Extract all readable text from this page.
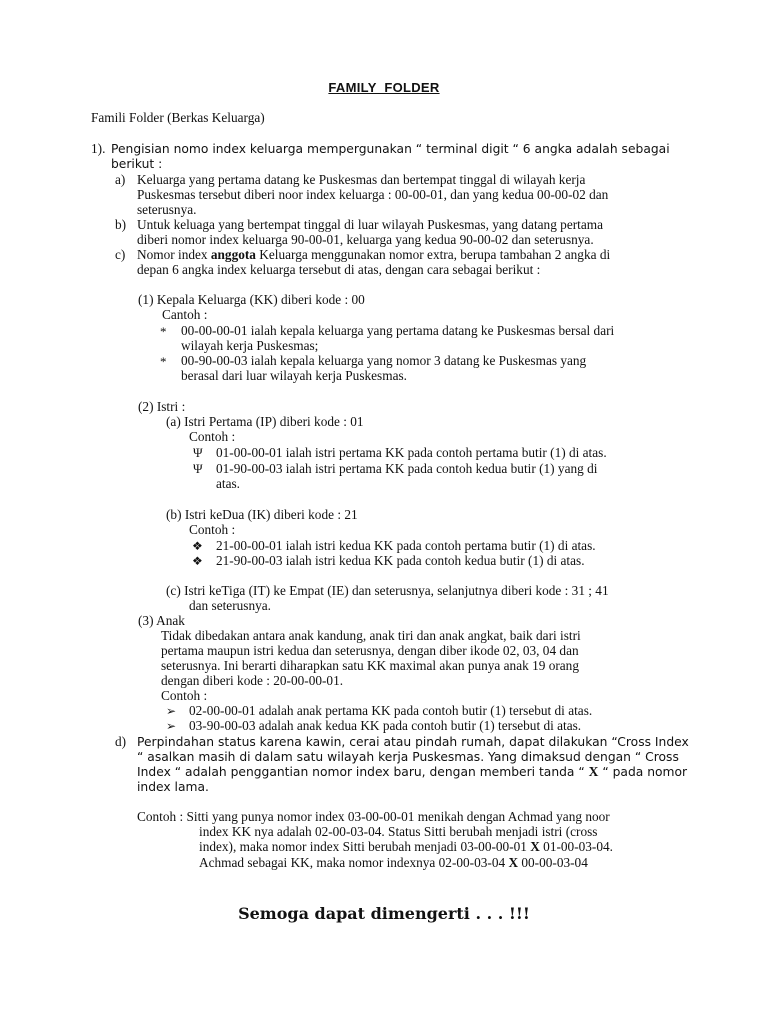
FAMILY FOLDER
Famili Folder (Berkas Keluarga)
1). Pengisian nomo index keluarga mempergunakan “ terminal digit “ 6 angka adalah sebagai
berikut :
a) Keluarga yang pertama datang ke Puskesmas dan bertempat tinggal di wilayah kerja
Puskesmas tersebut diberi noor index keluarga : 00-00-01, dan yang kedua 00-00-02 dan
seterusnya.
b) Untuk keluaga yang bertempat tinggal di luar wilayah Puskesmas, yang datang pertama
diberi nomor index keluarga 90-00-01, keluarga yang kedua 90-00-02 dan seterusnya.
c) Nomor index anggota Keluarga menggunakan nomor extra, berupa tambahan 2 angka di
depan 6 angka index keluarga tersebut di atas, dengan cara sebagai berikut :
(1) Kepala Keluarga (KK) diberi kode : 00
Cantoh :
* 00-00-00-01 ialah kepala keluarga yang pertama datang ke Puskesmas bersal dari
wilayah kerja Puskesmas;
* 00-90-00-03 ialah kepala keluarga yang nomor 3 datang ke Puskesmas yang
berasal dari luar wilayah kerja Puskesmas.
(2) Istri :
(a) Istri Pertama (IP) diberi kode : 01
Contoh :
Ψ 01-00-00-01 ialah istri pertama KK pada contoh pertama butir (1) di atas.
Ψ 01-90-00-03 ialah istri pertama KK pada contoh kedua butir (1) yang di
atas.
(b) Istri keDua (IK) diberi kode : 21
Contoh :
❖ 21-00-00-01 ialah istri kedua KK pada contoh pertama butir (1) di atas.
❖ 21-90-00-03 ialah istri kedua KK pada contoh kedua butir (1) di atas.
(c) Istri keTiga (IT) ke Empat (IE) dan seterusnya, selanjutnya diberi kode : 31 ; 41
dan seterusnya.
(3) Anak
Tidak dibedakan antara anak kandung, anak tiri dan anak angkat, baik dari istri
pertama maupun istri kedua dan seterusnya, dengan diber ikode 02, 03, 04 dan
seterusnya. Ini berarti diharapkan satu KK maximal akan punya anak 19 orang
dengan diberi kode : 20-00-00-01.
Contoh :
➢ 02-00-00-01 adalah anak pertama KK pada contoh butir (1) tersebut di atas.
➢ 03-90-00-03 adalah anak kedua KK pada contoh butir (1) tersebut di atas.
d) Perpindahan status karena kawin, cerai atau pindah rumah, dapat dilakukan “Cross Index
“ asalkan masih di dalam satu wilayah kerja Puskesmas. Yang dimaksud dengan “ Cross
Index “ adalah penggantian nomor index baru, dengan memberi tanda “ X “ pada nomor
index lama.
Contoh : Sitti yang punya nomor index 03-00-00-01 menikah dengan Achmad yang noor
index KK nya adalah 02-00-03-04. Status Sitti berubah menjadi istri (cross
index), maka nomor index Sitti berubah menjadi 03-00-00-01 X 01-00-03-04.
Achmad sebagai KK, maka nomor indexnya 02-00-03-04 X 00-00-03-04
Semoga dapat dimengerti . . . !!!
